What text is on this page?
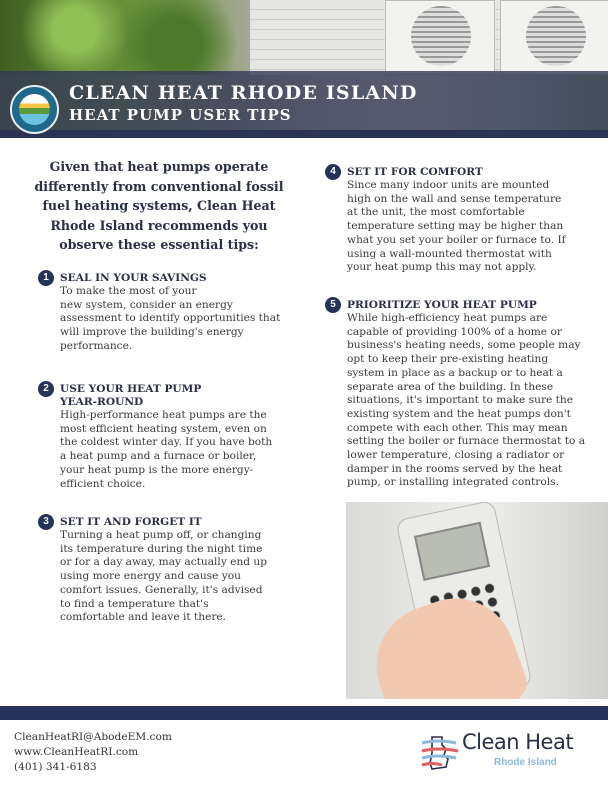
CLEAN HEAT RHODE ISLAND
HEAT PUMP USER TIPS
Given that heat pumps operate
differently from conventional fossil
fuel heating systems, Clean Heat
Rhode Island recommends you
observe these essential tips:
1	SEAL IN YOUR SAVINGS

To make the most of your
new system, consider an energy
assessment to identify opportunities that
will improve the building's energy
performance.

2	USE YOUR HEAT PUMP
YEAR-ROUND

High-performance heat pumps are the
most efficient heating system, even on
the coldest winter day. If you have both
a heat pump and a furnace or boiler,
your heat pump is the more energy-
efficient choice.

3	SET IT AND FORGET IT

Turning a heat pump off, or changing
its temperature during the night time
or for a day away, may actually end up
using more energy and cause you
comfort issues. Generally, it's advised
to find a temperature that's
comfortable and leave it there.

4	SET IT FOR COMFORT

Since many indoor units are mounted
high on the wall and sense temperature
at the unit, the most comfortable
temperature setting may be higher than
what you set your boiler or furnace to. If
using a wall-mounted thermostat with
your heat pump this may not apply.

5	PRIORITIZE YOUR HEAT PUMP

While high-efficiency heat pumps are
capable of providing 100% of a home or
business's heating needs, some people may
opt to keep their pre-existing heating
system in place as a backup or to heat a
separate area of the building. In these
situations, it's important to make sure the
existing system and the heat pumps don't
compete with each other. This may mean
setting the boiler or furnace thermostat to a
lower temperature, closing a radiator or
damper in the rooms served by the heat
pump, or installing integrated controls.

CleanHeatRI@AbodeEM.com
www.CleanHeatRI.com
(401) 341-6183
Clean Heat
Rhode Island
